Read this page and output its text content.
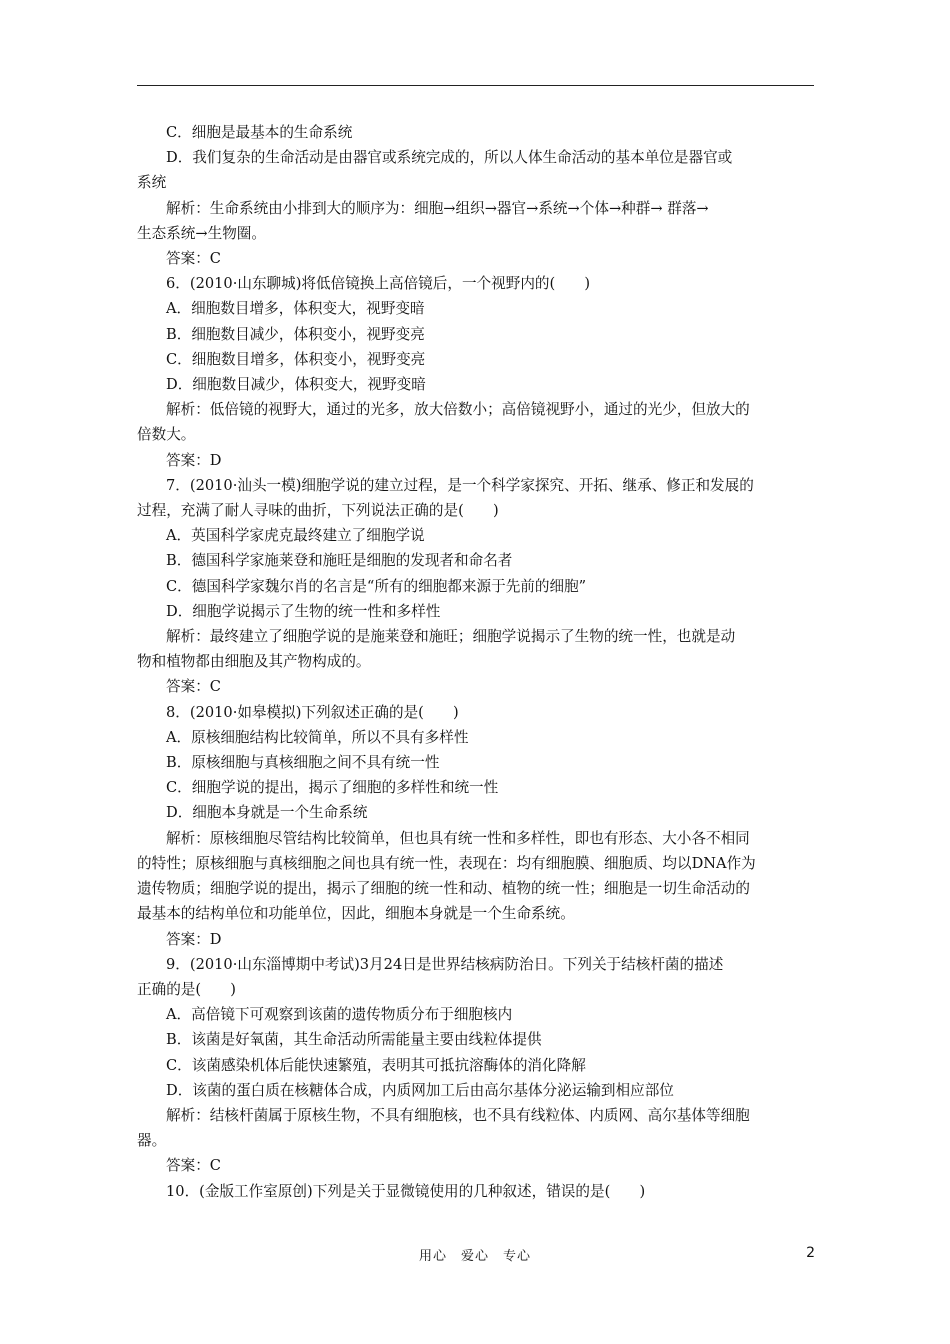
C．细胞是最基本的生命系统
D．我们复杂的生命活动是由器官或系统完成的，所以人体生命活动的基本单位是器官或
系统
解析：生命系统由小排到大的顺序为：细胞→组织→器官→系统→个体→种群→ 群落→
生态系统→生物圈。
答案：C
6．(2010·山东聊城)将低倍镜换上高倍镜后，一个视野内的(　　)
A．细胞数目增多，体积变大，视野变暗
B．细胞数目减少，体积变小，视野变亮
C．细胞数目增多，体积变小，视野变亮
D．细胞数目减少，体积变大，视野变暗
解析：低倍镜的视野大，通过的光多，放大倍数小；高倍镜视野小，通过的光少，但放大的
倍数大。
答案：D
7．(2010·汕头一模)细胞学说的建立过程，是一个科学家探究、开拓、继承、修正和发展的
过程，充满了耐人寻味的曲折，下列说法正确的是(　　)
A．英国科学家虎克最终建立了细胞学说
B．德国科学家施莱登和施旺是细胞的发现者和命名者
C．德国科学家魏尔肖的名言是“所有的细胞都来源于先前的细胞”
D．细胞学说揭示了生物的统一性和多样性
解析：最终建立了细胞学说的是施莱登和施旺；细胞学说揭示了生物的统一性，也就是动
物和植物都由细胞及其产物构成的。
答案：C
8．(2010·如皋模拟)下列叙述正确的是(　　)
A．原核细胞结构比较简单，所以不具有多样性
B．原核细胞与真核细胞之间不具有统一性
C．细胞学说的提出，揭示了细胞的多样性和统一性
D．细胞本身就是一个生命系统
解析：原核细胞尽管结构比较简单，但也具有统一性和多样性，即也有形态、大小各不相同
的特性；原核细胞与真核细胞之间也具有统一性，表现在：均有细胞膜、细胞质、均以DNA作为
遗传物质；细胞学说的提出，揭示了细胞的统一性和动、植物的统一性；细胞是一切生命活动的
最基本的结构单位和功能单位，因此，细胞本身就是一个生命系统。
答案：D
9．(2010·山东淄博期中考试)3月24日是世界结核病防治日。下列关于结核杆菌的描述
正确的是(　　)
A．高倍镜下可观察到该菌的遗传物质分布于细胞核内
B．该菌是好氧菌，其生命活动所需能量主要由线粒体提供
C．该菌感染机体后能快速繁殖，表明其可抵抗溶酶体的消化降解
D．该菌的蛋白质在核糖体合成，内质网加工后由高尔基体分泌运输到相应部位
解析：结核杆菌属于原核生物，不具有细胞核，也不具有线粒体、内质网、高尔基体等细胞
器。
答案：C
10．(金版工作室原创)下列是关于显微镜使用的几种叙述，错误的是(　　)
用心　爱心　专心	2
